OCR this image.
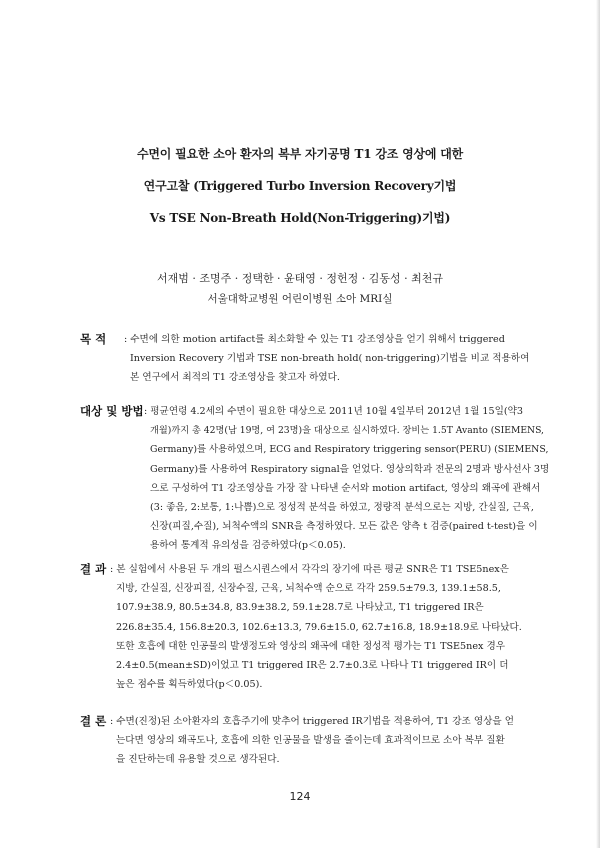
수면이 필요한 소아 환자의 복부 자기공명 T1 강조 영상에 대한
연구고찰 (Triggered Turbo Inversion Recovery기법
Vs TSE Non-Breath Hold(Non-Triggering)기법)
서재범 · 조명주 · 정택한 · 윤태영 · 정헌정 · 김동성 · 최천규
서울대학교병원 어린이병원 소아 MRI실
목 적 : 수면에 의한 motion artifact를 최소화할 수 있는 T1 강조영상을 얻기 위해서 triggered

Inversion Recovery 기법과 TSE non-breath hold( non-triggering)기법을 비교 적용하여

본 연구에서 최적의 T1 강조영상을 찾고자 하였다.

대상 및 방법 : 평균연령 4.2세의 수면이 필요한 대상으로 2011년 10월 4일부터 2012년 1월 15일(약3

개월)까지 총 42명(남 19명, 여 23명)을 대상으로 실시하였다. 장비는 1.5T Avanto (SIEMENS,

Germany)를 사용하였으며, ECG and Respiratory triggering sensor(PERU) (SIEMENS,

Germany)를 사용하여 Respiratory signal을 얻었다. 영상의학과 전문의 2명과 방사선사 3명

으로 구성하여 T1 강조영상을 가장 잘 나타낸 순서와 motion artifact, 영상의 왜곡에 관해서

(3: 좋음, 2:보통, 1:나쁨)으로 정성적 분석을 하였고, 정량적 분석으로는 지방, 간실질, 근육,

신장(피질,수질), 뇌척수액의 SNR을 측정하였다. 모든 값은 양측 t 검증(paired t-test)을 이

용하여 통계적 유의성을 검증하였다(p＜0.05).

결 과 : 본 실험에서 사용된 두 개의 펄스시퀀스에서 각각의 장기에 따른 평균 SNR은 T1 TSE5nex은

지방, 간실질, 신장피질, 신장수질, 근육, 뇌척수액 순으로 각각 259.5±79.3, 139.1±58.5,

107.9±38.9, 80.5±34.8, 83.9±38.2, 59.1±28.7로 나타났고, T1 triggered IR은

226.8±35.4, 156.8±20.3, 102.6±13.3, 79.6±15.0, 62.7±16.8, 18.9±18.9로 나타났다.

또한 호흡에 대한 인공물의 발생정도와 영상의 왜곡에 대한 정성적 평가는 T1 TSE5nex 경우

2.4±0.5(mean±SD)이었고 T1 triggered IR은 2.7±0.3로 나타나 T1 triggered IR이 더

높은 점수를 획득하였다(p＜0.05).

결 론 : 수면(진정)된 소아환자의 호흡주기에 맞추어 triggered IR기법을 적용하여, T1 강조 영상을 얻

는다면 영상의 왜곡도나, 호흡에 의한 인공물을 발생을 줄이는데 효과적이므로 소아 복부 질환

을 진단하는데 유용할 것으로 생각된다.

124
